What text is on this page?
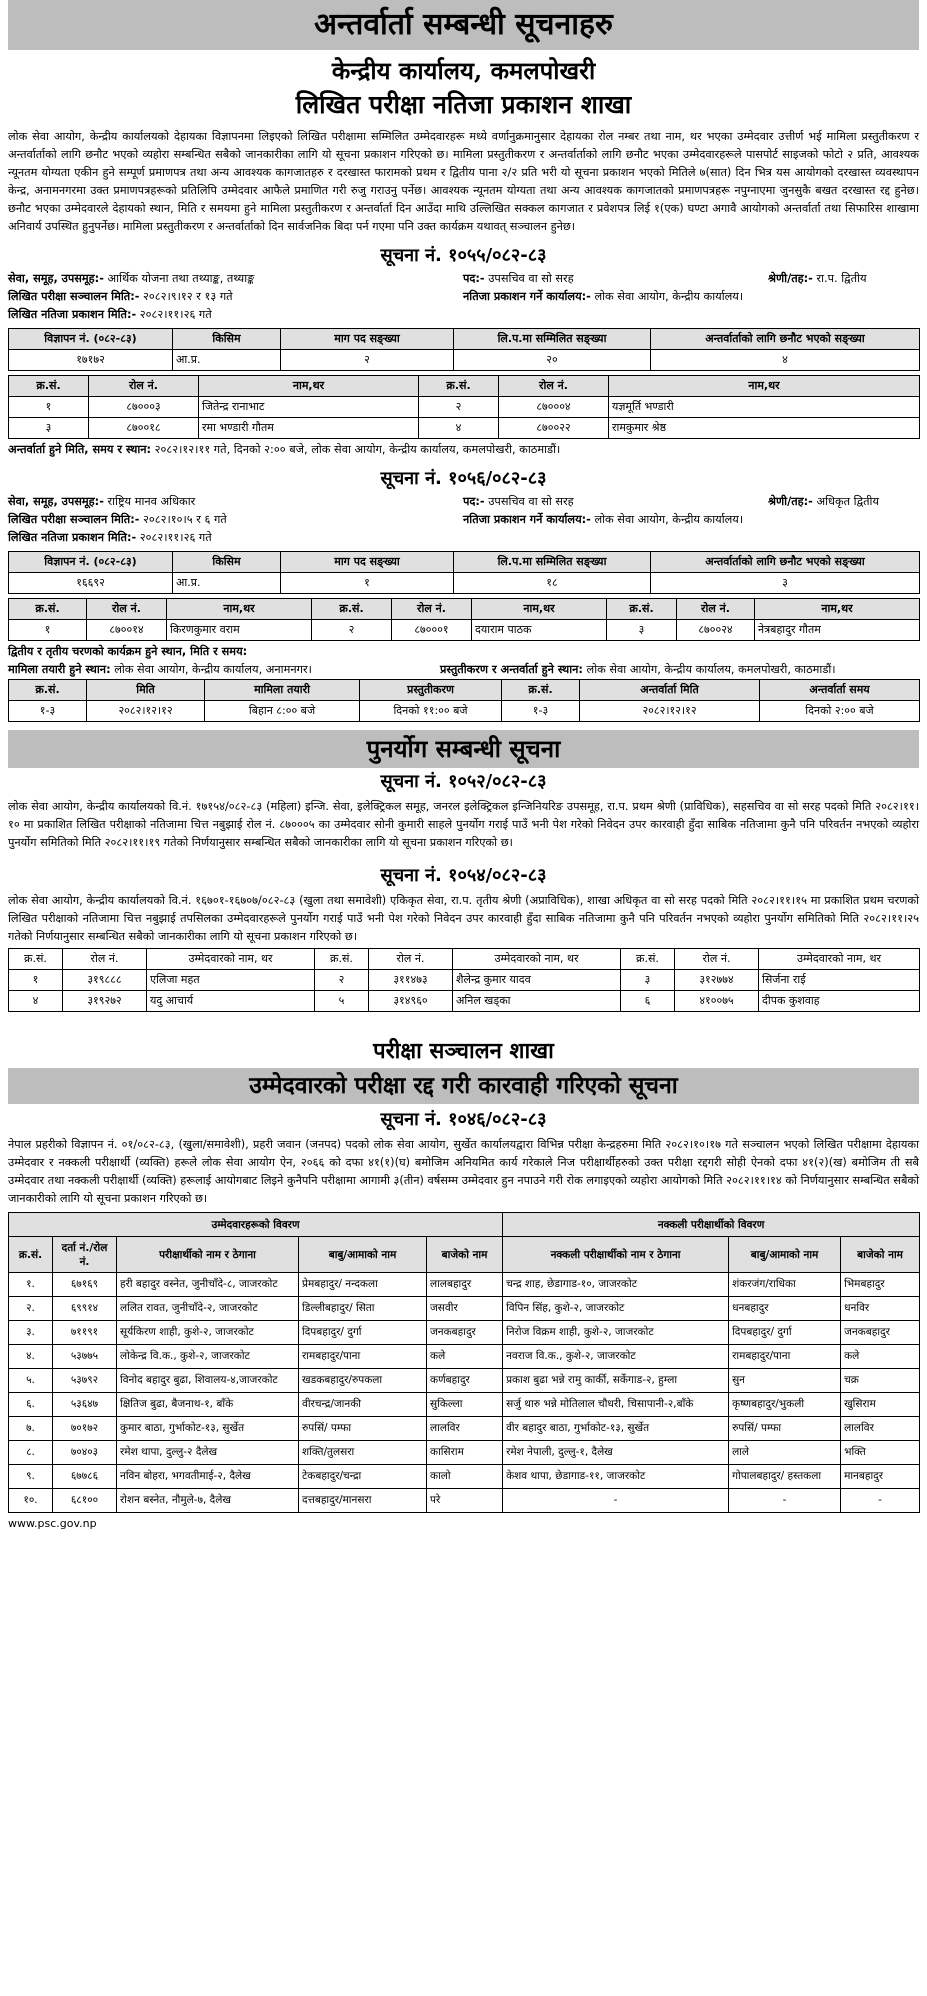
अन्तर्वार्ता सम्बन्धी सूचनाहरु
केन्द्रीय कार्यालय, कमलपोखरी
लिखित परीक्षा नतिजा प्रकाशन शाखा

लोक सेवा आयोग, केन्द्रीय कार्यालयको देहायका विज्ञापनमा लिइएको लिखित परीक्षामा सम्मिलित उम्मेदवारहरू मध्ये वर्णानुक्रमानुसार देहायका रोल नम्बर तथा नाम, थर भएका उम्मेदवार उत्तीर्ण भई मामिला प्रस्तुतीकरण र अन्तर्वार्ताको लागि छनौट भएको व्यहोरा सम्बन्धित सबैको जानकारीका लागि यो सूचना प्रकाशन गरिएको छ। मामिला प्रस्तुतीकरण र अन्तर्वार्ताको लागि छनौट भएका उम्मेदवारहरूले पासपोर्ट साइजको फोटो २ प्रति, आवश्यक न्यूनतम योग्यता एकीन हुने सम्पूर्ण प्रमाणपत्र तथा अन्य आवश्यक कागजातहरु र दरखास्त फारामको प्रथम र द्वितीय पाना २/२ प्रति भरी यो सूचना प्रकाशन भएको मितिले ७(सात) दिन भित्र यस आयोगको दरखास्त व्यवस्थापन केन्द्र, अनामनगरमा उक्त प्रमाणपत्रहरूको प्रतिलिपि उम्मेदवार आफैले प्रमाणित गरी रुजु गराउनु पर्नेछ। आवश्यक न्यूनतम योग्यता तथा अन्य आवश्यक कागजातको प्रमाणपत्रहरू नपुग्नाएमा जुनसुकै बखत दरखास्त रद्द हुनेछ। छनौट भएका उम्मेदवारले देहायको स्थान, मिति र समयमा हुने मामिला प्रस्तुतीकरण र अन्तर्वार्ता दिन आउँदा माथि उल्लिखित सक्कल कागजात र प्रवेशपत्र लिई १(एक) घण्टा अगावै आयोगको अन्तर्वार्ता तथा सिफारिस शाखामा अनिवार्य उपस्थित हुनुपर्नेछ। मामिला प्रस्तुतीकरण र अन्तर्वार्ताको दिन सार्वजनिक बिदा पर्न गएमा पनि उक्त कार्यक्रम यथावत् सञ्चालन हुनेछ।

सूचना नं. १०५५/०८२-८३
सेवा, समूह, उपसमूह:- आर्थिक योजना तथा तथ्याङ्क, तथ्याङ्क	पद:- उपसचिव वा सो सरह	श्रेणी/तह:- रा.प. द्वितीय
लिखित परीक्षा सञ्चालन मिति:- २०८२।९।१२ र १३ गते	नतिजा प्रकाशन गर्ने कार्यालय:- लोक सेवा आयोग, केन्द्रीय कार्यालय।
लिखित नतिजा प्रकाशन मिति:- २०८२।११।२६ गते
विज्ञापन नं. (०८२-८३)	किसिम	माग पद सङ्ख्या	लि.प.मा सम्मिलित सङ्ख्या	अन्तर्वार्ताको लागि छनौट भएको सङ्ख्या
१७१७२	आ.प्र.	२	२०	४
क्र.सं.	रोल नं.	नाम,थर	क्र.सं.	रोल नं.	नाम,थर
१	८७०००३	जितेन्द्र रानाभाट	२	८७०००४	यज्ञमूर्ति भण्डारी
३	८७००१८	रमा भण्डारी गौतम	४	८७००२२	रामकुमार श्रेष्ठ
अन्तर्वार्ता हुने मिति, समय र स्थान: २०८२।१२।११ गते, दिनको २:०० बजे, लोक सेवा आयोग, केन्द्रीय कार्यालय, कमलपोखरी, काठमाडौं।
सूचना नं. १०५६/०८२-८३
सेवा, समूह, उपसमूह:- राष्ट्रिय मानव अधिकार	पद:- उपसचिव वा सो सरह	श्रेणी/तह:- अधिकृत द्वितीय
लिखित परीक्षा सञ्चालन मिति:- २०८२।१०।५ र ६ गते	नतिजा प्रकाशन गर्ने कार्यालय:- लोक सेवा आयोग, केन्द्रीय कार्यालय।
लिखित नतिजा प्रकाशन मिति:- २०८२।११।२६ गते
विज्ञापन नं. (०८२-८३)	किसिम	माग पद सङ्ख्या	लि.प.मा सम्मिलित सङ्ख्या	अन्तर्वार्ताको लागि छनौट भएको सङ्ख्या
१६६९२	आ.प्र.	१	१८	३
क्र.सं.	रोल नं.	नाम,थर	क्र.सं.	रोल नं.	नाम,थर	क्र.सं.	रोल नं.	नाम,थर
१	८७००१४	किरणकुमार वराम	२	८७०००१	दयाराम पाठक	३	८७००२४	नेत्रबहादुर गौतम
द्वितीय र तृतीय चरणको कार्यक्रम हुने स्थान, मिति र समय:
मामिला तयारी हुने स्थान: लोक सेवा आयोग, केन्द्रीय कार्यालय, अनामनगर।	प्रस्तुतीकरण र अन्तर्वार्ता हुने स्थान: लोक सेवा आयोग, केन्द्रीय कार्यालय, कमलपोखरी, काठमाडौं।
क्र.सं.	मिति	मामिला तयारी	प्रस्तुतीकरण	क्र.सं.	अन्तर्वार्ता मिति	अन्तर्वार्ता समय
१-३	२०८२।१२।१२	बिहान ८:०० बजे	दिनको ११:०० बजे	१-३	२०८२।१२।१२	दिनको २:०० बजे
पुनर्योग सम्बन्धी सूचना
सूचना नं. १०५२/०८२-८३

लोक सेवा आयोग, केन्द्रीय कार्यालयको वि.नं. १७१५४/०८२-८३ (महिला) इन्जि. सेवा, इलेक्ट्रिकल समूह, जनरल इलेक्ट्रिकल इन्जिनियरिङ उपसमूह, रा.प. प्रथम श्रेणी (प्राविधिक), सहसचिव वा सो सरह पदको मिति २०८२।११।१० मा प्रकाशित लिखित परीक्षाको नतिजामा चित्त नबुझाई रोल नं. ८७०००५ का उम्मेदवार सोनी कुमारी साहले पुनर्योग गराई पाउँ भनी पेश गरेको निवेदन उपर कारवाही हुँदा साबिक नतिजामा कुनै पनि परिवर्तन नभएको व्यहोरा पुनर्योग समितिको मिति २०८२।११।१९ गतेको निर्णयानुसार सम्बन्धित सबैको जानकारीका लागि यो सूचना प्रकाशन गरिएको छ।

सूचना नं. १०५४/०८२-८३

लोक सेवा आयोग, केन्द्रीय कार्यालयको वि.नं. १६७०१-१६७०७/०८२-८३ (खुला तथा समावेशी) एकिकृत सेवा, रा.प. तृतीय श्रेणी (अप्राविधिक), शाखा अधिकृत वा सो सरह पदको मिति २०८२।११।१५ मा प्रकाशित प्रथम चरणको लिखित परीक्षाको नतिजामा चित्त नबुझाई तपसिलका उम्मेदवारहरूले पुनर्योग गराई पाउँ भनी पेश गरेको निवेदन उपर कारवाही हुँदा साबिक नतिजामा कुनै पनि परिवर्तन नभएको व्यहोरा पुनर्योग समितिको मिति २०८२।११।२५ गतेको निर्णयानुसार सम्बन्धित सबैको जानकारीका लागि यो सूचना प्रकाशन गरिएको छ।

क्र.सं.	रोल नं.	उम्मेदवारको नाम, थर	क्र.सं.	रोल नं.	उम्मेदवारको नाम, थर	क्र.सं.	रोल नं.	उम्मेदवारको नाम, थर
१	३१९८८८	एलिजा महत	२	३११४७३	शैलेन्द्र कुमार यादव	३	३१२७७४	सिर्जना राई
४	३१९२७२	यदु आचार्य	५	३१४९६०	अनिल खड्का	६	४१००७५	दीपक कुशवाह
परीक्षा सञ्चालन शाखा
उम्मेदवारको परीक्षा रद्द गरी कारवाही गरिएको सूचना
सूचना नं. १०४६/०८२-८३

नेपाल प्रहरीको विज्ञापन नं. ०१/०८२-८३, (खुला/समावेशी), प्रहरी जवान (जनपद) पदको लोक सेवा आयोग, सुर्खेत कार्यालयद्वारा विभिन्न परीक्षा केन्द्रहरुमा मिति २०८२।१०।१७ गते सञ्चालन भएको लिखित परीक्षामा देहायका उम्मेदवार र नक्कली परीक्षार्थी (व्यक्ति) हरूले लोक सेवा आयोग ऐन, २०६६ को दफा ४१(१)(घ) बमोजिम अनियमित कार्य गरेकाले निज परीक्षार्थीहरुको उक्त परीक्षा रद्दगरी सोही ऐनको दफा ४१(२)(ख) बमोजिम ती सबै उम्मेदवार तथा नक्कली परीक्षार्थी (व्यक्ति) हरूलाई आयोगबाट लिइने कुनैपनि परीक्षामा आगामी ३(तीन) वर्षसम्म उम्मेदवार हुन नपाउने गरी रोक लगाइएको व्यहोरा आयोगको मिति २०८२।११।१४ को निर्णयानुसार सम्बन्धित सबैको जानकारीको लागि यो सूचना प्रकाशन गरिएको छ।

उम्मेदवारहरूको विवरण					नक्कली परीक्षार्थीको विवरण		
क्र.सं.	दर्ता नं./रोल नं.	परीक्षार्थीको नाम र ठेगाना	बाबु/आमाको नाम	बाजेको नाम	नक्कली परीक्षार्थीको नाम र ठेगाना	बाबु/आमाको नाम	बाजेको नाम
१.	६७१६९	हरी बहादुर वस्नेत, जुनीचाँदे-८, जाजरकोट	प्रेमबहादुर/ नन्दकला	लालबहादुर	चन्द्र शाह, छेडागाड-१०, जाजरकोट	शंकरजंग/राधिका	भिमबहादुर
२.	६९९१४	ललित रावत, जुनीचाँदे-२, जाजरकोट	डिल्लीबहादुर/ सिता	जसवीर	विपिन सिंह, कुशे-२, जाजरकोट	धनबहादुर	धनविर
३.	७११९१	सूर्यकिरण शाही, कुशे-२, जाजरकोट	दिपबहादुर/ दुर्गा	जनकबहादुर	निरोज विक्रम शाही, कुशे-२, जाजरकोट	दिपबहादुर/ दुर्गा	जनकबहादुर
४.	५३७७५	लोकेन्द्र वि.क., कुशे-२, जाजरकोट	रामबहादुर/पाना	कले	नवराज वि.क., कुशे-२, जाजरकोट	रामबहादुर/पाना	कले
५.	५३७९२	विनोद बहादुर बुढा, शिवालय-४,जाजरकोट	खडकबहादुर/रुपकला	कर्णबहादुर	प्रकाश बुढा भन्ने रामु कार्की, सर्केगाड-२, हुम्ला	सुन	चक्र
६.	५३६४७	क्षितिज बुढा, बैजनाथ-१, बाँके	वीरचन्द्र/जानकी	सुकिल्ला	सर्जु थारु भन्ने मोतिलाल चौधरी, चिसापानी-२,बाँके	कृष्णबहादुर/भुकली	खुसिराम
७.	७०१७२	कुमार बाठा, गुर्भाकोट-१३, सुर्खेत	रुपसिं/ पम्फा	लालविर	वीर बहादुर बाठा, गुर्भाकोट-१३, सुर्खेत	रुपसिं/ पम्फा	लालविर
८.	७०४०३	रमेश थापा, दुल्लु-२ दैलेख	शक्ति/तुलसरा	कासिराम	रमेश नेपाली, दुल्लु-१, दैलेख	लाले	भक्ति
९.	६७७८६	नविन बोहरा, भगवतीमाई-२, दैलेख	टेकबहादुर/चन्द्रा	कालो	केशव थापा, छेडागाड-११, जाजरकोट	गोपालबहादुर/ हस्तकला	मानबहादुर
१०.	६८१००	रोशन बस्नेत, नौमुले-७, दैलेख	दत्तबहादुर/मानसरा	परे	-	-	-
www.psc.gov.np
